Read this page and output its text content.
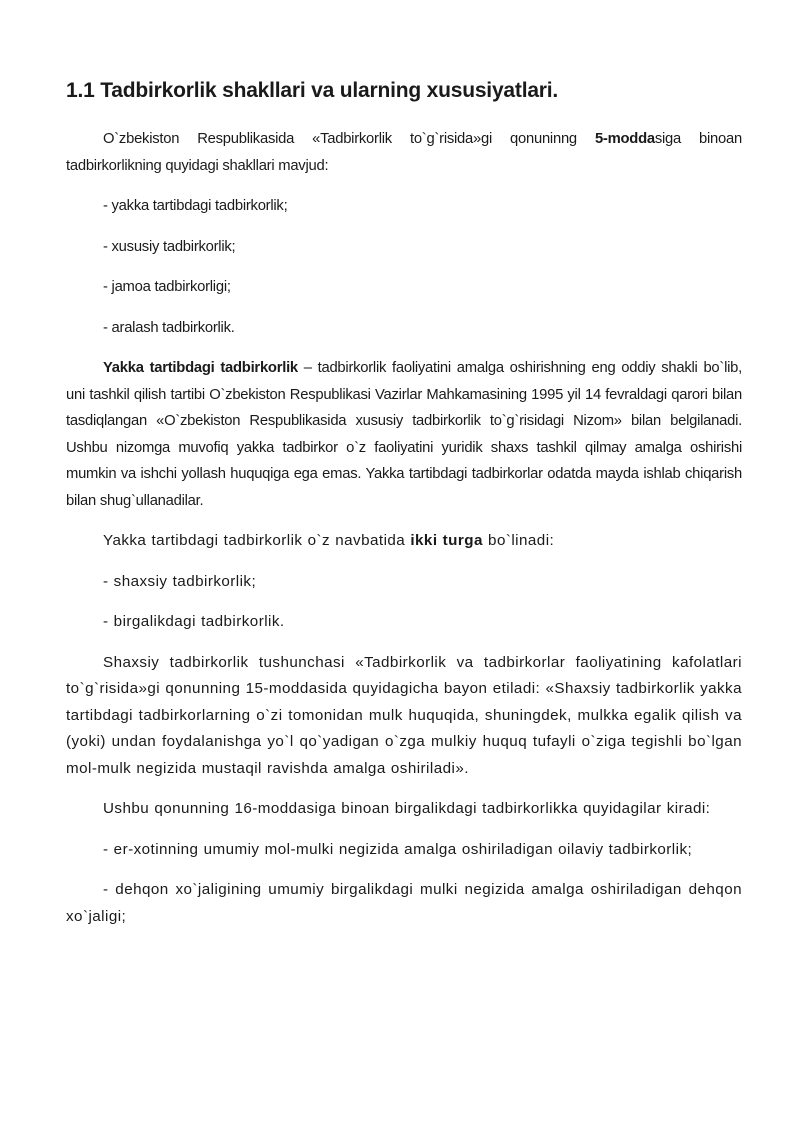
1.1 Tadbirkorlik shakllari va ularning xususiyatlari.

O`zbekiston Respublikasida «Tadbirkorlik to`g`risida»gi qonuninng 5-moddasiga binoan tadbirkorlikning quyidagi shakllari mavjud:

- yakka tartibdagi tadbirkorlik;

- xususiy tadbirkorlik;

- jamoa tadbirkorligi;

- aralash tadbirkorlik.

Yakka tartibdagi tadbirkorlik – tadbirkorlik faoliyatini amalga oshirishning eng oddiy shakli bo`lib, uni tashkil qilish tartibi O`zbekiston Respublikasi Vazirlar Mahkamasining 1995 yil 14 fevraldagi qarori bilan tasdiqlangan «O`zbekiston Respublikasida xususiy tadbirkorlik to`g`risidagi Nizom» bilan belgilanadi. Ushbu nizomga muvofiq yakka tadbirkor o`z faoliyatini yuridik shaxs tashkil qilmay amalga oshirishi mumkin va ishchi yollash huquqiga ega emas. Yakka tartibdagi tadbirkorlar odatda mayda ishlab chiqarish bilan shug`ullanadilar.

Yakka tartibdagi tadbirkorlik o`z navbatida ikki turga bo`linadi:

- shaxsiy tadbirkorlik;

- birgalikdagi tadbirkorlik.

Shaxsiy tadbirkorlik tushunchasi «Tadbirkorlik va tadbirkorlar faoliyatining kafolatlari to`g`risida»gi qonunning 15-moddasida quyidagicha bayon etiladi: «Shaxsiy tadbirkorlik yakka tartibdagi tadbirkorlarning o`zi tomonidan mulk huquqida, shuningdek, mulkka egalik qilish va (yoki) undan foydalanishga yo`l qo`yadigan o`zga mulkiy huquq tufayli o`ziga tegishli bo`lgan mol-mulk negizida mustaqil ravishda amalga oshiriladi».

Ushbu qonunning 16-moddasiga binoan birgalikdagi tadbirkorlikka quyidagilar kiradi:

- er-xotinning umumiy mol-mulki negizida amalga oshiriladigan oilaviy tadbirkorlik;

- dehqon xo`jaligining umumiy birgalikdagi mulki negizida amalga oshiriladigan dehqon xo`jaligi;
